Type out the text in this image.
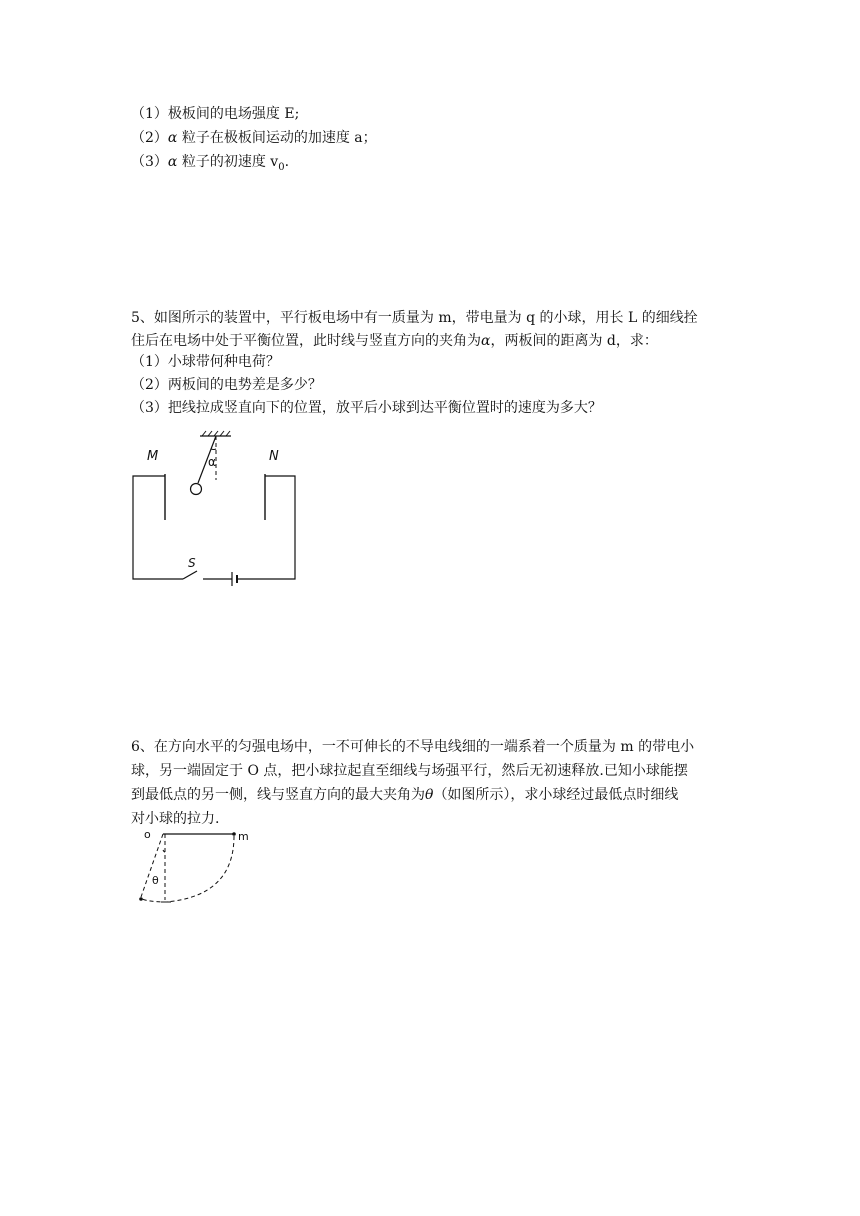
（1）极板间的电场强度 E;
（2）α 粒子在极板间运动的加速度 a；
（3）α 粒子的初速度 $v_0$.
5、如图所示的装置中，平行板电场中有一质量为 m，带电量为 q 的小球，用长 L 的细线拴
住后在电场中处于平衡位置，此时线与竖直方向的夹角为α，两板间的距离为 d，求：
（1）小球带何种电荷？
（2）两板间的电势差是多少？
（3）把线拉成竖直向下的位置，放平后小球到达平衡位置时的速度为多大？
α
M	N
S
6、在方向水平的匀强电场中，一不可伸长的不导电线细的一端系着一个质量为 m 的带电小
球，另一端固定于 O 点，把小球拉起直至细线与场强平行，然后无初速释放.已知小球能摆
到最低点的另一侧，线与竖直方向的最大夹角为θ（如图所示），求小球经过最低点时细线
对小球的拉力.
o	m
θ
